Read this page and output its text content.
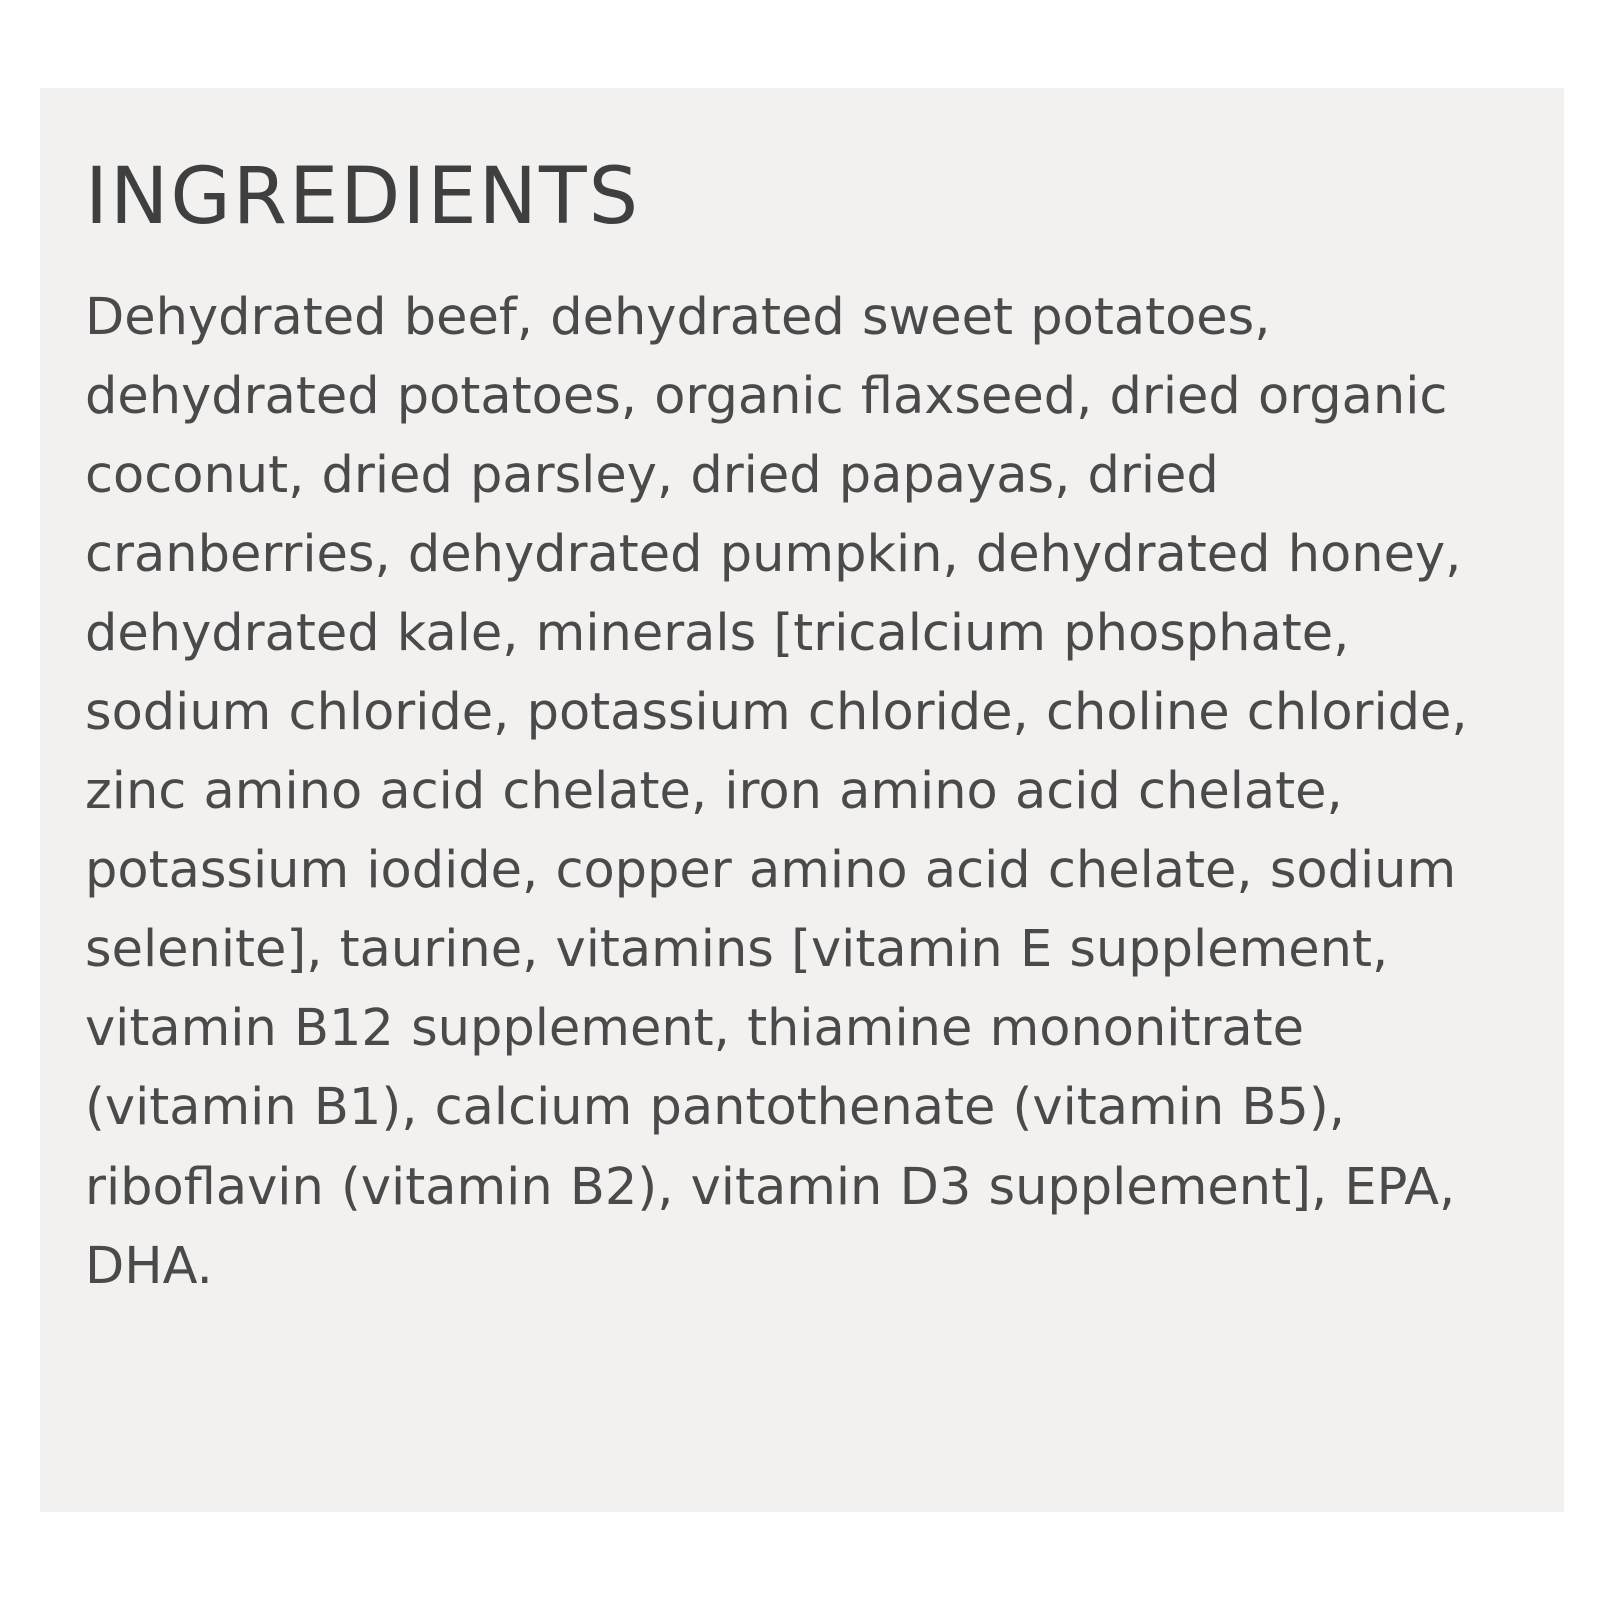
INGREDIENTS

Dehydrated beef, dehydrated sweet potatoes, dehydrated potatoes, organic flaxseed, dried organic coconut, dried parsley, dried papayas, dried cranberries, dehydrated pumpkin, dehydrated honey, dehydrated kale, minerals [tricalcium phosphate, sodium chloride, potassium chloride, choline chloride, zinc amino acid chelate, iron amino acid chelate, potassium iodide, copper amino acid chelate, sodium selenite], taurine, vitamins [vitamin E supplement, vitamin B12 supplement, thiamine mononitrate (vitamin B1), calcium pantothenate (vitamin B5), riboflavin (vitamin B2), vitamin D3 supplement], EPA, DHA.
